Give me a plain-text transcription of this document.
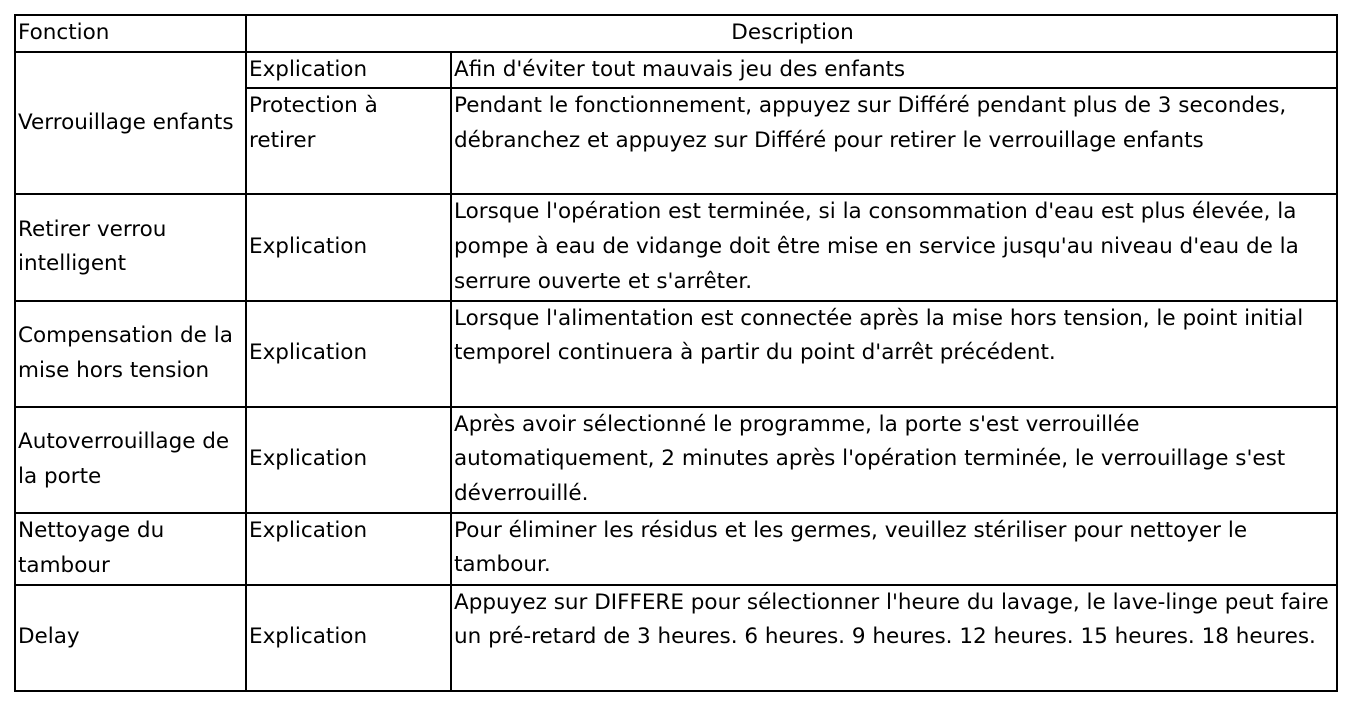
Fonction	Description	
Verrouillage enfants	Explication	Afin d'éviter tout mauvais jeu des enfants
	Protection à retirer	Pendant le fonctionnement, appuyez sur Différé pendant plus de 3 secondes, débranchez et appuyez sur Différé pour retirer le verrouillage enfants
Retirer verrou intelligent	Explication	Lorsque l'opération est terminée, si la consommation d'eau est plus élevée, la pompe à eau de vidange doit être mise en service jusqu'au niveau d'eau de la serrure ouverte et s'arrêter.
Compensation de la mise hors tension	Explication	Lorsque l'alimentation est connectée après la mise hors tension, le point initial temporel continuera à partir du point d'arrêt précédent.
Autoverrouillage de la porte	Explication	Après avoir sélectionné le programme, la porte s'est verrouillée automatiquement, 2 minutes après l'opération terminée, le verrouillage s'est déverrouillé.
Nettoyage du tambour	Explication	Pour éliminer les résidus et les germes, veuillez stériliser pour nettoyer le tambour.
Delay	Explication	Appuyez sur DIFFERE pour sélectionner l'heure du lavage, le lave-linge peut faire un pré-retard de 3 heures. 6 heures. 9 heures. 12 heures. 15 heures. 18 heures.
